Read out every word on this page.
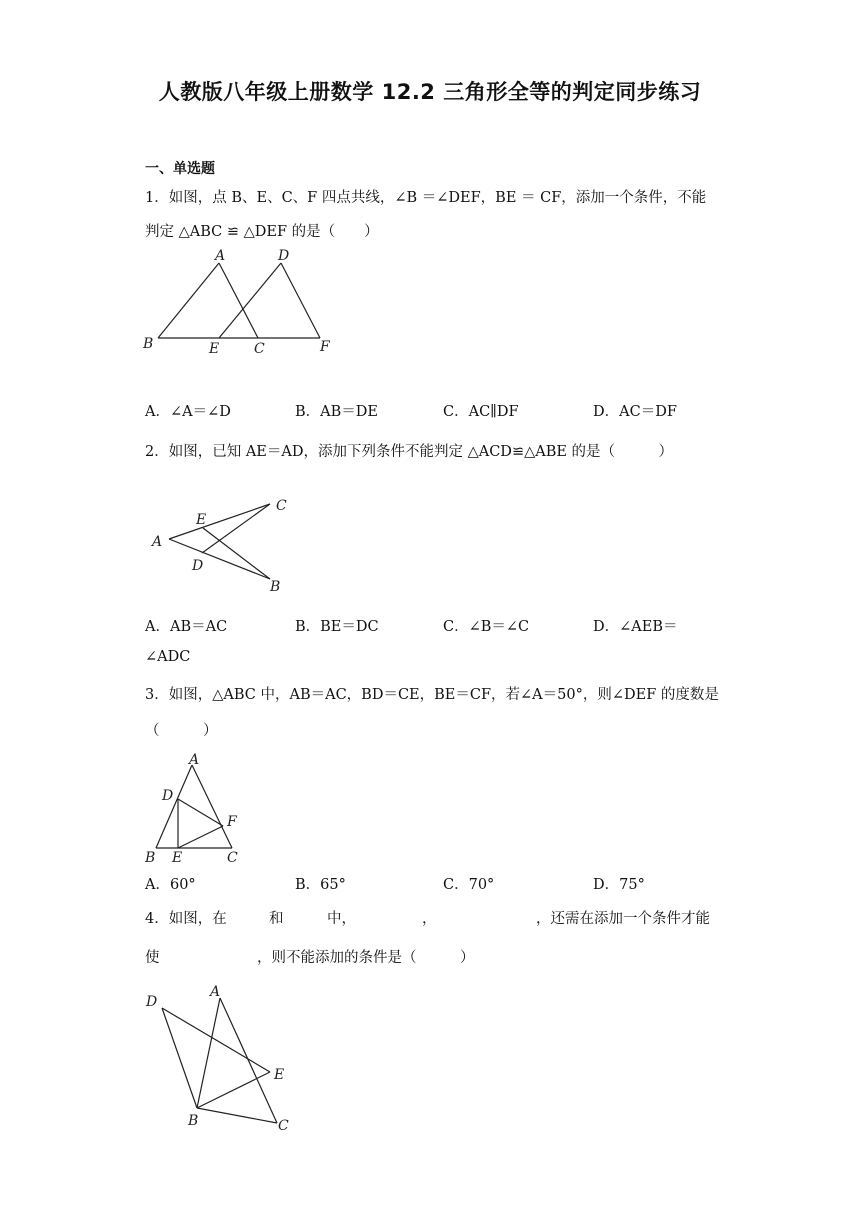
人教版八年级上册数学 12.2 三角形全等的判定同步练习
一、单选题
1．如图，点 B、E、C、F 四点共线，∠B ＝∠DEF，BE ＝ CF，添加一个条件，不能
判定 △ABC ≌ △DEF 的是（　　）
A	D
B	E C	F
A．∠A＝∠D	B．AB＝DE	C．AC∥DF	D．AC＝DF
2．如图，已知 AE＝AD，添加下列条件不能判定 △ACD≌△ABE 的是（　　　）
A
E
C
D
B
A．AB＝AC	B．BE＝DC	C．∠B＝∠C	D．∠AEB＝
∠ADC
3．如图，△ABC 中，AB＝AC，BD＝CE，BE＝CF，若∠A＝50°，则∠DEF 的度数是
（　　　）
A
D
F
B E	C
A．60°	B．65°	C．70°	D．75°
4．如图，在	和	中，	，	，还需在添加一个条件才能
使	，则不能添加的条件是（　　　）
D
A
E
B	C
